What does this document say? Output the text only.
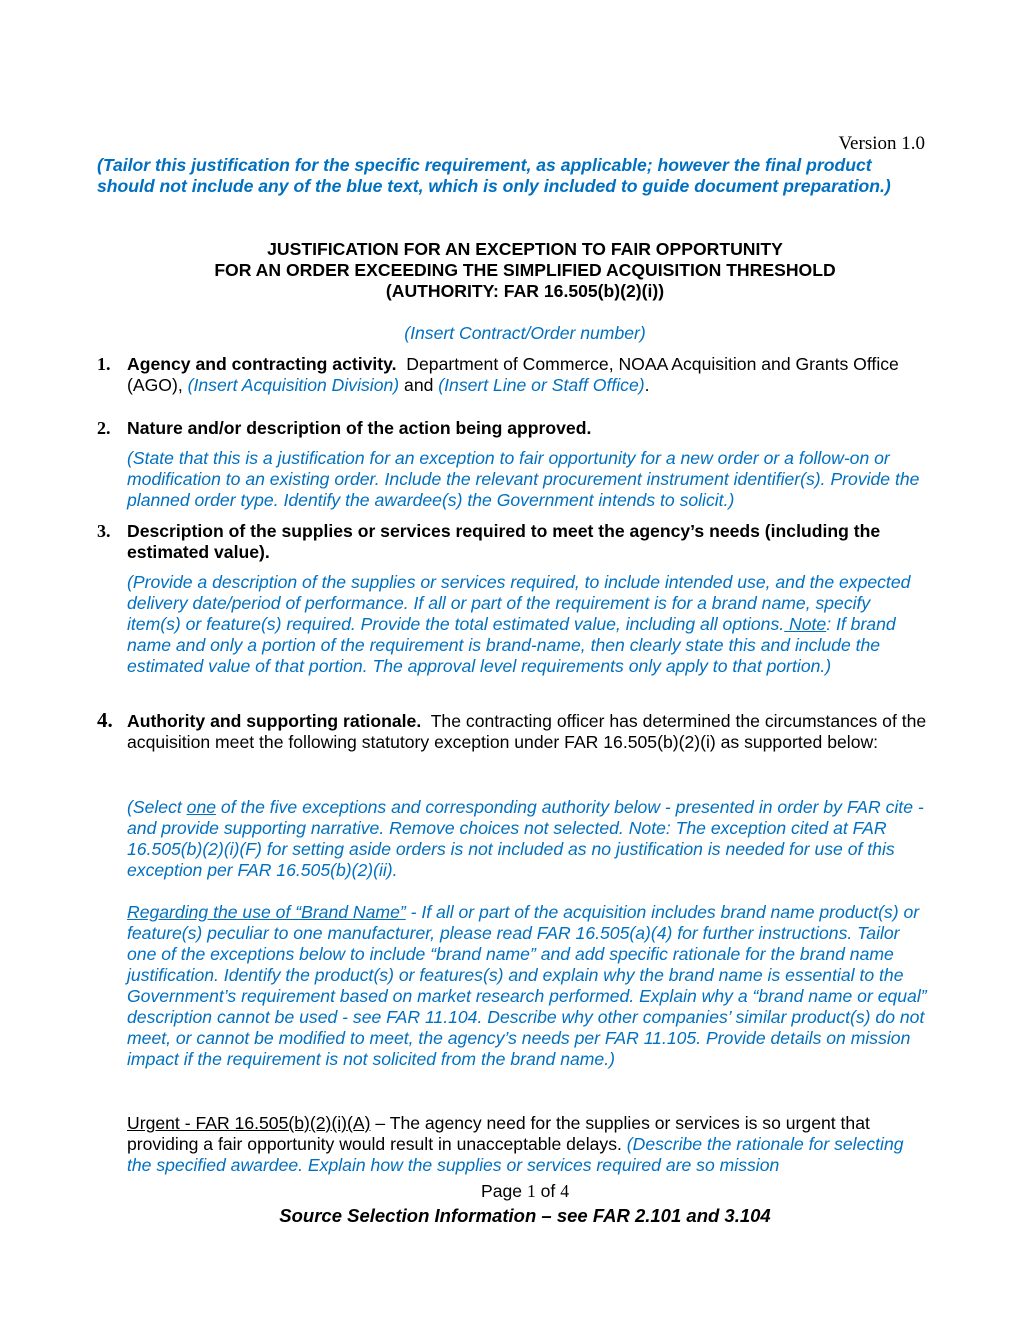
Version 1.0
(Tailor this justification for the specific requirement, as applicable; however the final product should not include any of the blue text, which is only included to guide document preparation.)
JUSTIFICATION FOR AN EXCEPTION TO FAIR OPPORTUNITY
FOR AN ORDER EXCEEDING THE SIMPLIFIED ACQUISITION THRESHOLD
(AUTHORITY: FAR 16.505(b)(2)(i))
(Insert Contract/Order number)
1. Agency and contracting activity. Department of Commerce, NOAA Acquisition and Grants Office (AGO), (Insert Acquisition Division) and (Insert Line or Staff Office).
2. Nature and/or description of the action being approved.
(State that this is a justification for an exception to fair opportunity for a new order or a follow-on or modification to an existing order. Include the relevant procurement instrument identifier(s). Provide the planned order type. Identify the awardee(s) the Government intends to solicit.)
3. Description of the supplies or services required to meet the agency’s needs (including the estimated value).
(Provide a description of the supplies or services required, to include intended use, and the expected delivery date/period of performance. If all or part of the requirement is for a brand name, specify item(s) or feature(s) required. Provide the total estimated value, including all options. Note: If brand name and only a portion of the requirement is brand-name, then clearly state this and include the estimated value of that portion. The approval level requirements only apply to that portion.)
4. Authority and supporting rationale. The contracting officer has determined the circumstances of the acquisition meet the following statutory exception under FAR 16.505(b)(2)(i) as supported below:
(Select one of the five exceptions and corresponding authority below - presented in order by FAR cite - and provide supporting narrative. Remove choices not selected. Note: The exception cited at FAR 16.505(b)(2)(i)(F) for setting aside orders is not included as no justification is needed for use of this exception per FAR 16.505(b)(2)(ii).
Regarding the use of “Brand Name” - If all or part of the acquisition includes brand name product(s) or feature(s) peculiar to one manufacturer, please read FAR 16.505(a)(4) for further instructions. Tailor one of the exceptions below to include “brand name” and add specific rationale for the brand name justification. Identify the product(s) or features(s) and explain why the brand name is essential to the Government’s requirement based on market research performed. Explain why a “brand name or equal” description cannot be used - see FAR 11.104. Describe why other companies’ similar product(s) do not meet, or cannot be modified to meet, the agency’s needs per FAR 11.105. Provide details on mission impact if the requirement is not solicited from the brand name.)
Urgent - FAR 16.505(b)(2)(i)(A) – The agency need for the supplies or services is so urgent that providing a fair opportunity would result in unacceptable delays. (Describe the rationale for selecting the specified awardee. Explain how the supplies or services required are so mission
Page 1 of 4
Source Selection Information – see FAR 2.101 and 3.104
